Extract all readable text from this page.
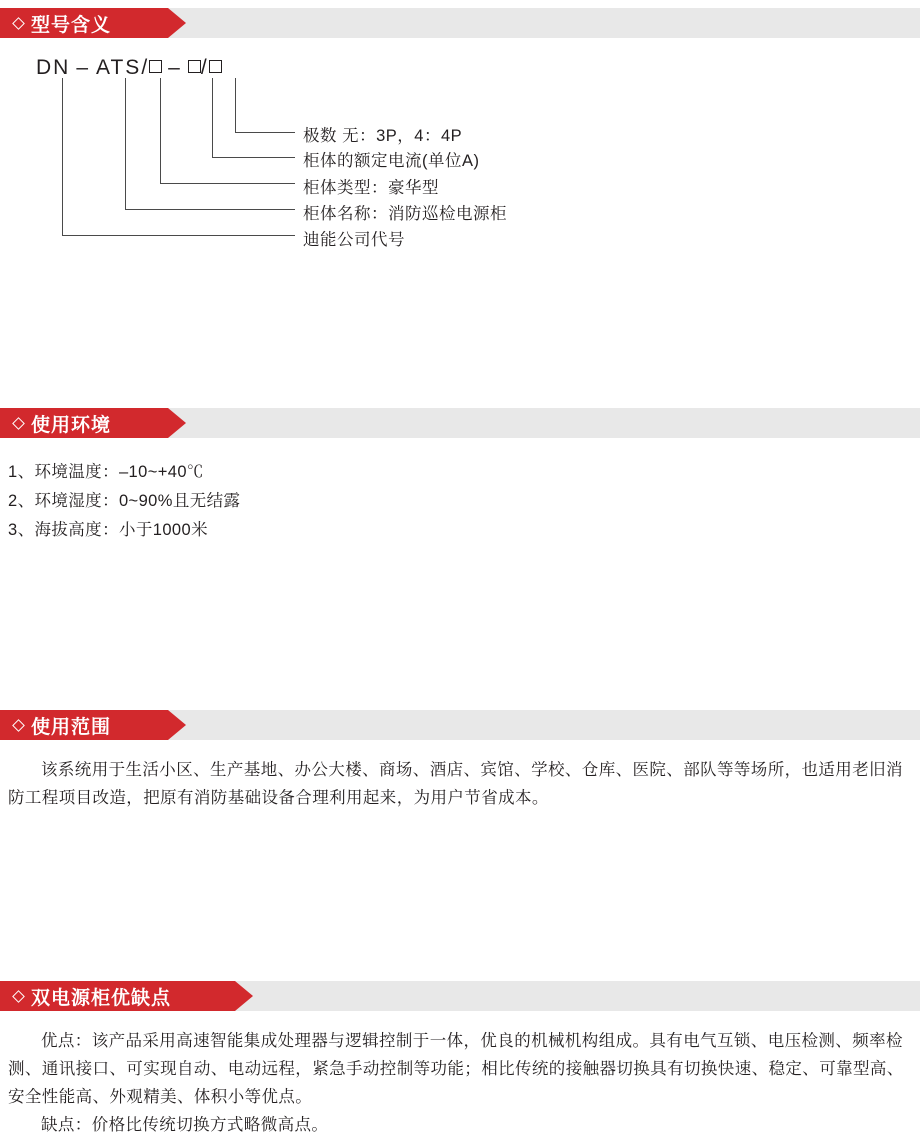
型号含义
DN – ATS/ – /
极数 无：3P，4：4P
柜体的额定电流(单位A)
柜体类型：豪华型
柜体名称：消防巡检电源柜
迪能公司代号
使用环境
1、环境温度：–10~+40℃
2、环境湿度：0~90%且无结露
3、海拔高度：小于1000米
使用范围

该系统用于生活小区、生产基地、办公大楼、商场、酒店、宾馆、学校、仓库、医院、部队等等场所，也适用老旧消防工程项目改造，把原有消防基础设备合理利用起来，为用户节省成本。

双电源柜优缺点

优点：该产品采用高速智能集成处理器与逻辑控制于一体，优良的机械机构组成。具有电气互锁、电压检测、频率检测、通讯接口、可实现自动、电动远程，紧急手动控制等功能；相比传统的接触器切换具有切换快速、稳定、可靠型高、安全性能高、外观精美、体积小等优点。

缺点：价格比传统切换方式略微高点。
